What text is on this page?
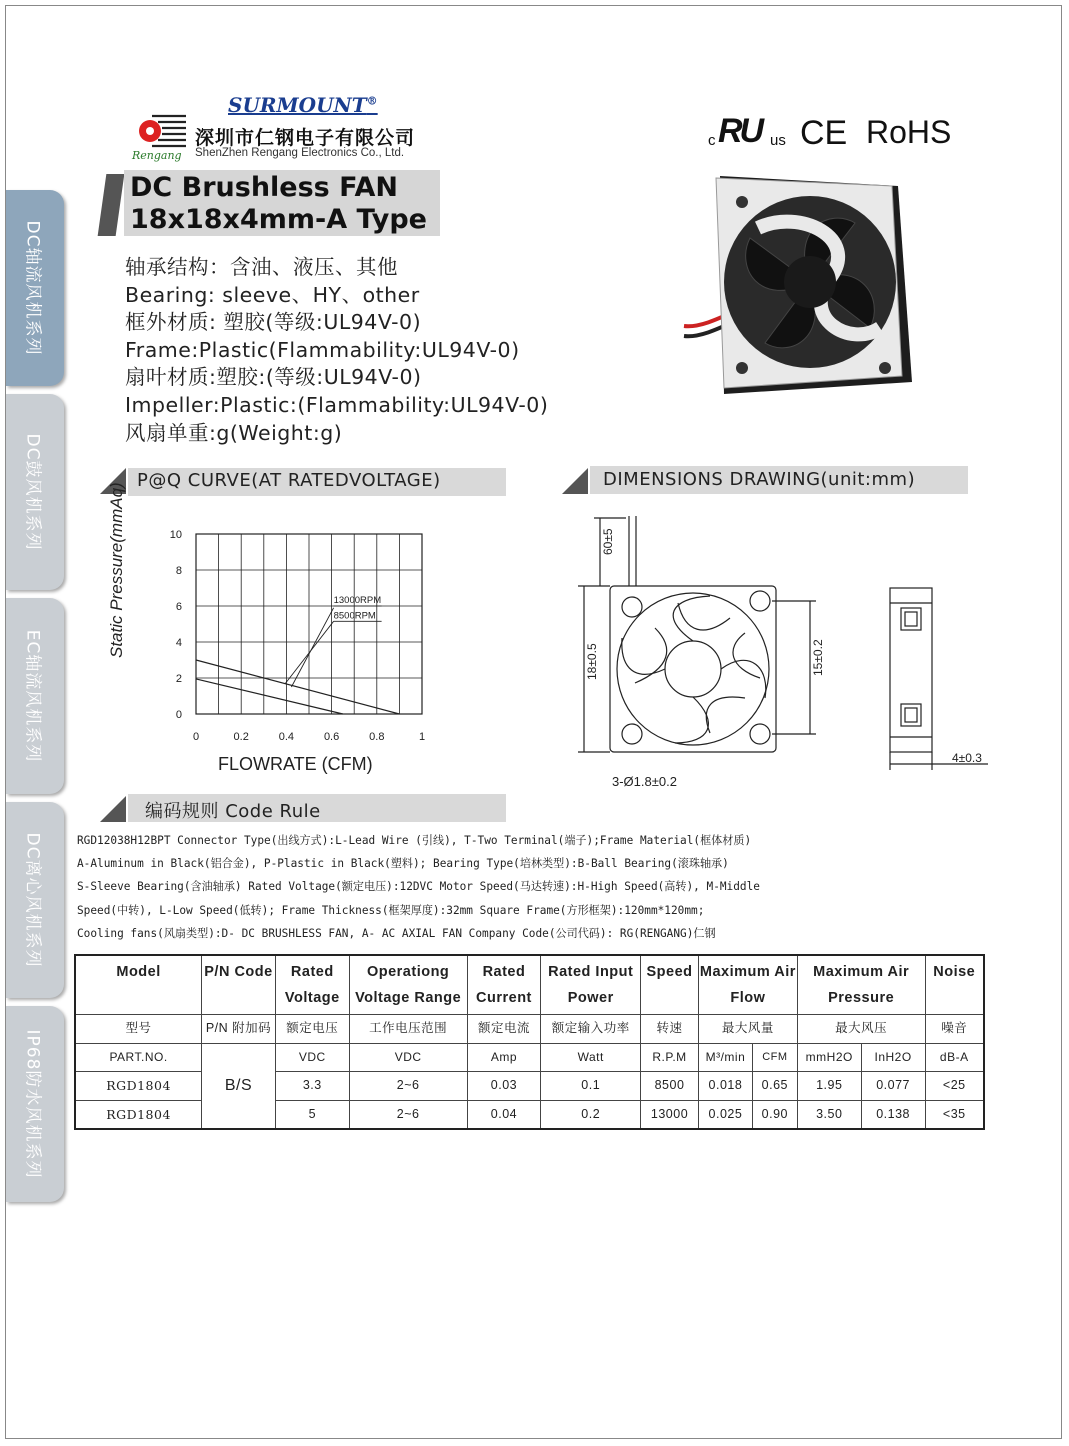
DC轴流风机系列
DC鼓风机系列
EC轴流风机系列
DC离心风机系列
IP68防水风机系列
Rengang
SURMOUNT®
深圳市仁钢电子有限公司
ShenZhen Rengang Electronics Co., Ltd.
c RU us CE RoHS
DC Brushless FAN
18x18x4mm-A Type
轴承结构：含油、液压、其他
Bearing: sleeve、HY、other
框外材质: 塑胶(等级:UL94V-0)
Frame:Plastic(Flammability:UL94V-0)
扇叶材质:塑胶:(等级:UL94V-0)
Impeller:Plastic:(Flammability:UL94V-0)
风扇单重:g(Weight:g)
P@Q CURVE(AT RATEDVOLTAGE)	DIMENSIONS DRAWING(unit:mm)
编码规则 Code Rule
0
2
4
6
8
10
0	0.2	0.4	0.6	0.8	1
13000RPM
8500RPM
Static Pressure(mmAq)
FLOWRATE (CFM)
60±5
18±0.5	15±0.2
3-Ø1.8±0.2
4±0.3
RGD12038H12BPT Connector Type(出线方式):L-Lead Wire (引线), T-Two Terminal(端子);Frame Material(框体材质)
A-Aluminum in Black(铝合金), P-Plastic in Black(塑料); Bearing Type(培林类型):B-Ball Bearing(滚珠轴承)
S-Sleeve Bearing(含油轴承) Rated Voltage(额定电压):12DVC Motor Speed(马达转速):H-High Speed(高转), M-Middle
Speed(中转), L-Low Speed(低转); Frame Thickness(框架厚度):32mm Square Frame(方形框架):120mm*120mm;
Cooling fans(风扇类型):D- DC BRUSHLESS FAN, A- AC AXIAL FAN Company Code(公司代码): RG(RENGANG)仁钢
Model	P/N Code	Rated Voltage	Operationg Voltage Range	Rated Current	Rated Input Power	Speed	Maximum Air Flow		Maximum Air Pressure		Noise
型号	P/N 附加码	额定电压	工作电压范围	额定电流	额定输入功率	转速	最大风量		最大风压		噪音
PART.NO.	B/S	VDC	VDC	Amp	Watt	R.P.M	M³/min	CFM	mmH2O	InH2O	dB-A
RGD1804		3.3	2~6	0.03	0.1	8500	0.018	0.65	1.95	0.077	<25
RGD1804		5	2~6	0.04	0.2	13000	0.025	0.90	3.50	0.138	<35
